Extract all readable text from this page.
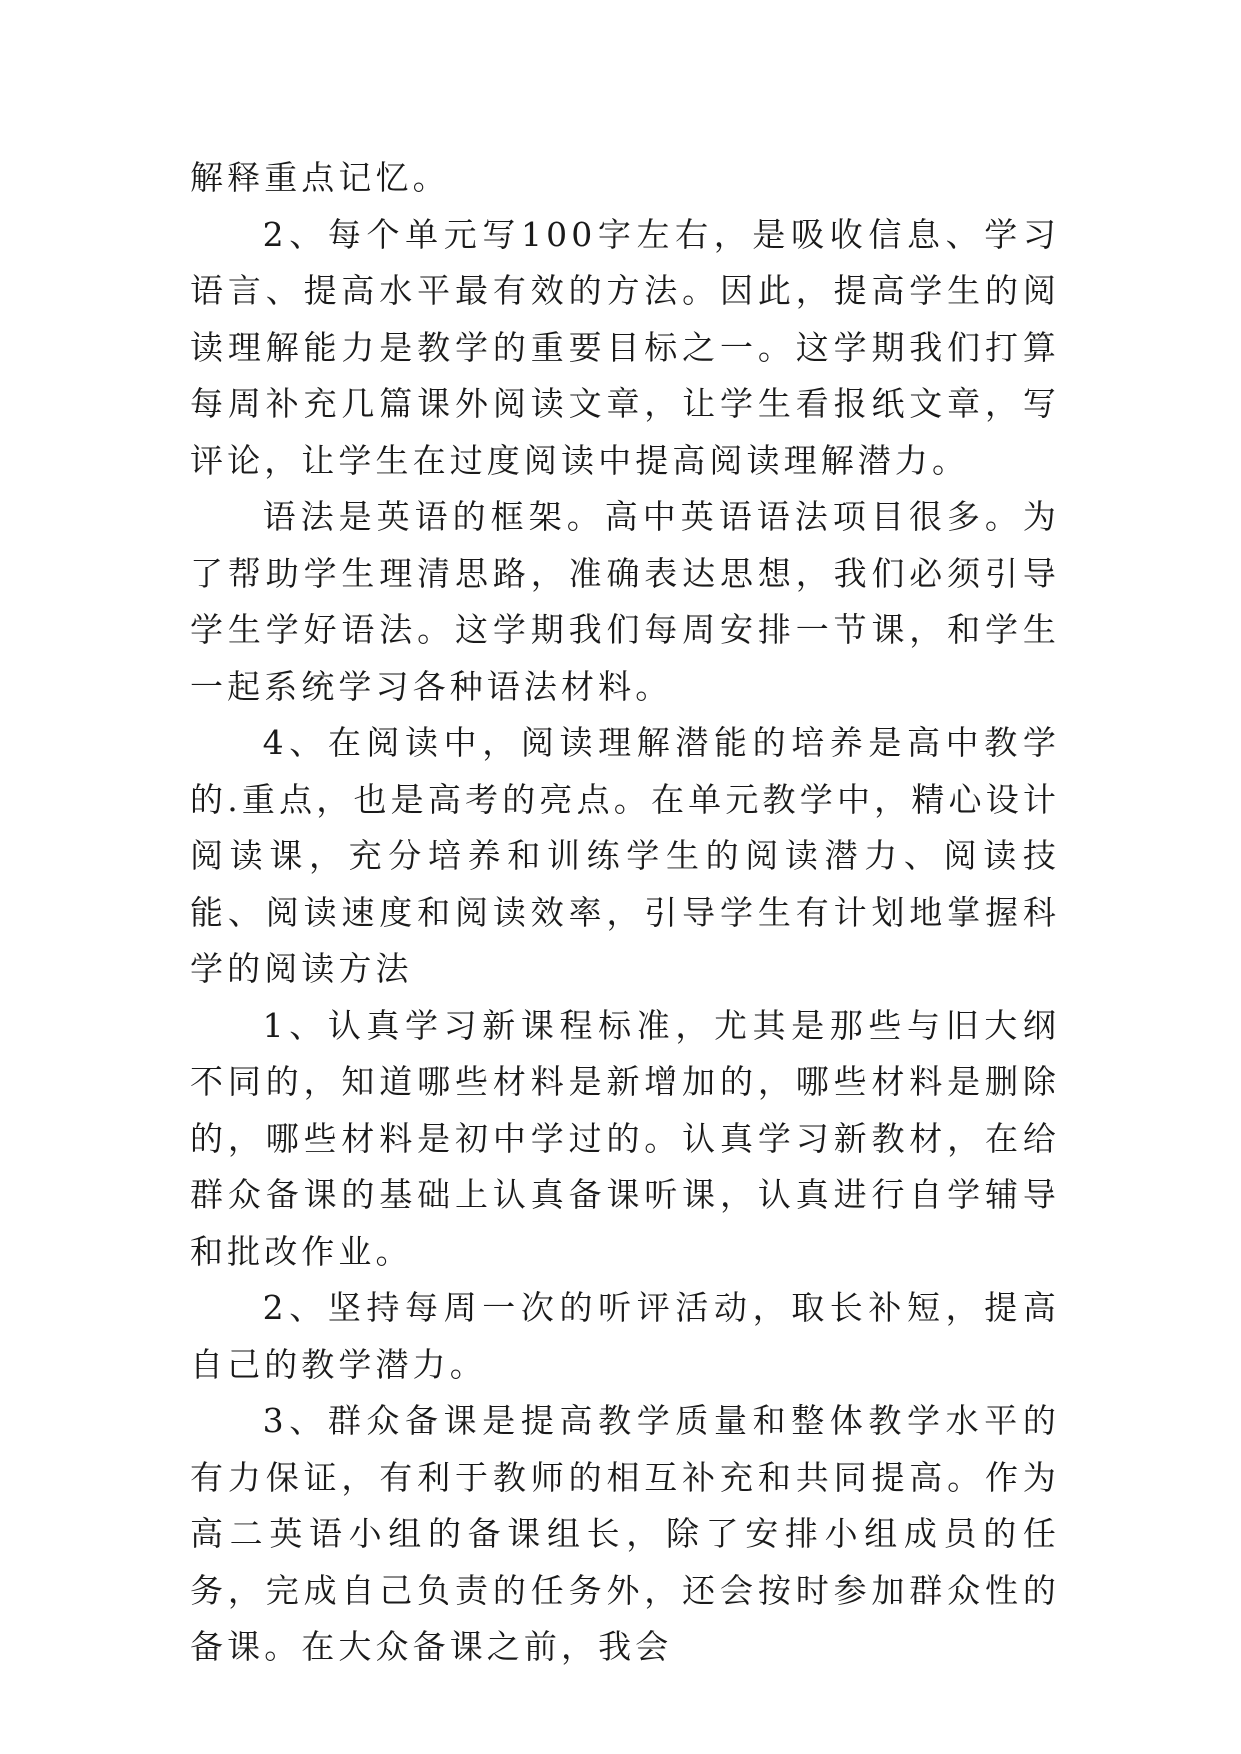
解释重点记忆。

2、每个单元写100字左右，是吸收信息、学习语言、提高水平最有效的方法。因此，提高学生的阅读理解能力是教学的重要目标之一。这学期我们打算每周补充几篇课外阅读文章，让学生看报纸文章，写评论，让学生在过度阅读中提高阅读理解潜力。

语法是英语的框架。高中英语语法项目很多。为了帮助学生理清思路，准确表达思想，我们必须引导学生学好语法。这学期我们每周安排一节课，和学生一起系统学习各种语法材料。

4、在阅读中，阅读理解潜能的培养是高中教学的.重点，也是高考的亮点。在单元教学中，精心设计阅读课，充分培养和训练学生的阅读潜力、阅读技能、阅读速度和阅读效率，引导学生有计划地掌握科学的阅读方法

1、认真学习新课程标准，尤其是那些与旧大纲不同的，知道哪些材料是新增加的，哪些材料是删除的，哪些材料是初中学过的。认真学习新教材，在给群众备课的基础上认真备课听课，认真进行自学辅导和批改作业。

2、坚持每周一次的听评活动，取长补短，提高自己的教学潜力。

3、群众备课是提高教学质量和整体教学水平的有力保证，有利于教师的相互补充和共同提高。作为高二英语小组的备课组长，除了安排小组成员的任务，完成自己负责的任务外，还会按时参加群众性的备课。在大众备课之前，我会
